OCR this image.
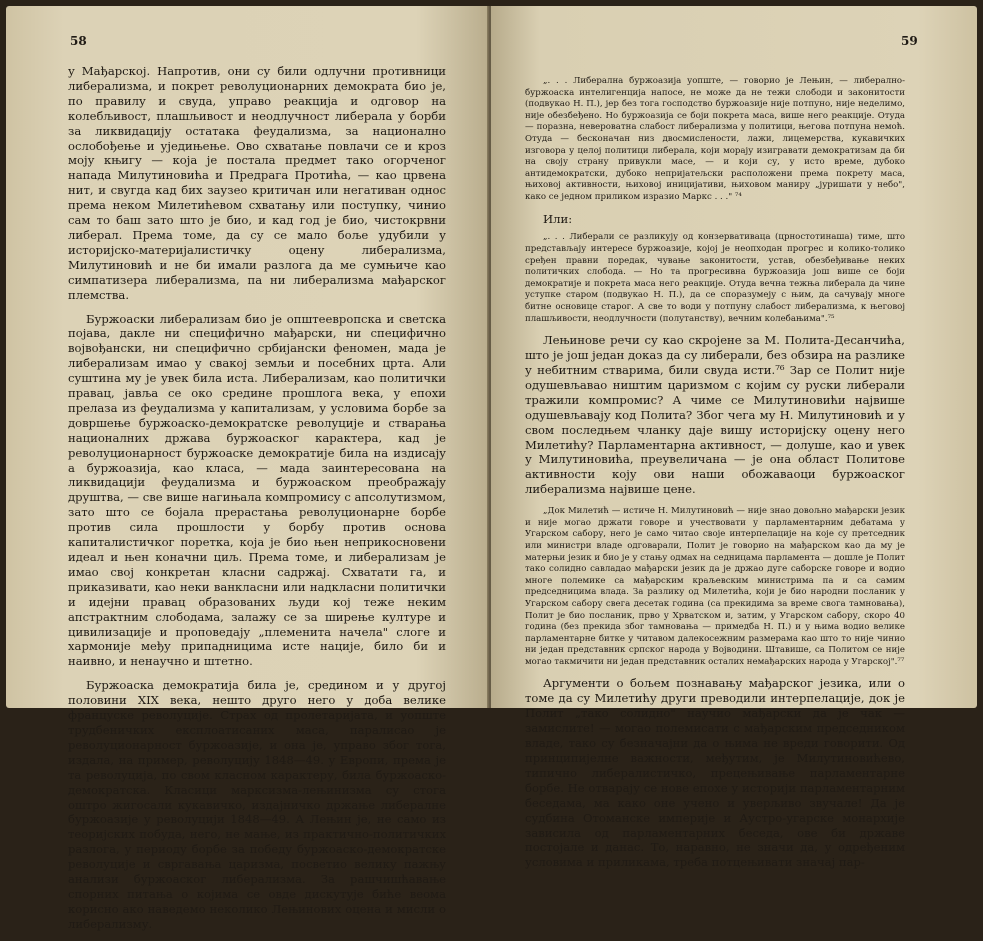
58

у Мађарској. Напротив, они су били одлучни противници либерализма, и покрет револуционарних демократа био је, по правилу и свуда, управо реакција и одговор на колебљивост, плашљивост и неодлучност либерала у борби за ликвидацију остатака феудализма, за национално ослобођење и уједињење. Ово схватање повлачи се и кроз моју књигу — која је постала предмет тако огорченог напада Милутиновића и Предрага Протића, — као црвена нит, и свугда кад бих заузео критичан или негативан однос према неком Милетићевом схватању или поступку, чинио сам то баш зато што је био, и кад год је био, чистокрвни либерал. Према томе, да су се мало боље удубили у историјско-материјалистичку оцену либерализма, Милутиновић и не би имали разлога да ме сумњиче као симпатизера либерализма, па ни либерализма мађарског племства.

Буржоаски либерализам био је општеевропска и светска појава, дакле ни специфично мађарски, ни специфично војвођански, ни специфично србијански феномен, мада је либерализам имао у свакој земљи и посебних црта. Али суштина му је увек била иста. Либерализам, као политички правац, јавља се око средине прошлога века, у епохи прелаза из феудализма у капитализам, у условима борбе за довршење буржоаско-демократске револуције и стварања националних држава буржоаског карактера, кад је револуционарност буржоаске демократије била на издисају а буржоазија, као класа, — мада заинтересована на ликвидацији феудализма и буржоаском преображају друштва, — све више нагињала компромису с апсолутизмом, зато што се бојала прерастања револуционарне борбе против сила прошлости у борбу против основа капиталистичког поретка, која је био њен неприкосновени идеал и њен коначни циљ. Према томе, и либерализам је имао свој конкретан класни садржај. Схватати га, и приказивати, као неки ванкласни или надкласни политички и идејни правац образованих људи кој теже неким апстрактним слободама, залажу се за ширење културе и цивилизације и проповедају „племенита начела" слоге и хармоније међу припадницима исте нације, било би и наивно, и ненаучно и штетно.

Буржоаска демократија била је, средином и у другој половини XIX века, нешто друго него у доба велике француске револуције. Страх од пролетаријата, и уопште трудбеничких експлоатисаних маса, паралисао је револуционарност буржоазије, и она је, управо због тога, издала, на пример, револуцију 1848—49. у Европи, према је та револуција, по свом класном карактеру, била буржоаско-демократска. Класици марксизма-лењинизма су стога оштро жигосали кукавичко, издајничко држање либералне буржоазије у револуцији 1848—49. А Лењин је, не само из теоријских побуда, него, не мање, из практично-политичких разлога, у периоду борбе за победу буржоаско-демократске револуције и свргавања царизма, посветио велику пажњу анализи буржоаског либерализма. За рашчишћавање спорних питања о којима се овде дискутује биће веома корисно ако наведемо неколико Лењинових оцена и мисли о либерализму.

59

„. . . Либерална буржоазија уопште, — говорио је Лењин, — либерално-буржоаска интелигенција напосе, не може да не тежи слободи и законитости (подвукао Н. П.), јер без тога господство буржоазије није потпуно, није неделимо, није обезбеђено. Но буржоазија се боји покрета маса, више него реакције. Отуда — поразна, невероватна слабост либерализма у политици, његова потпуна немоћ. Отуда — бесконачан низ двосмислености, лажи, лицемерства, кукавичких изговора у целој политици либерала, који морају изигравати демократизам да би на своју страну привукли масе, — и који су, у исто време, дубоко антидемократски, дубоко непријатељски расположени према покрету маса, њиховој активности, њиховој иницијативи, њиховом маниру „јуришати у небо", како се једном приликом изразио Маркс . . ." ⁷⁴

Или:

„. . . Либерали се разликују од конзервативаца (црностотинаша) тиме, што представљају интересе буржоазије, којој је неопходан прогрес и колико-толико сређен правни поредак, чување законитости, устав, обезбеђивање неких политичких слобода. — Но та прогресивна буржоазија још више се боји демократије и покрета маса него реакције. Отуда вечна тежња либерала да чине уступке старом (подвукао Н. П.), да се споразумеју с њим, да сачувају многе битне основице старог. А све то води у потпуну слабост либерализма, к његовој плашљивости, неодлучности (полутанству), вечним колебањима".⁷⁵

Лењинове речи су као скројене за М. Полита-Десанчића, што је још један доказ да су либерали, без обзира на разлике у небитним стварима, били свуда исти.⁷⁶ Зар се Полит није одушевљавао ништим царизмом с којим су руски либерали тражили компромис? А чиме се Милутиновићи највише одушевљавају код Полита? Због чега му Н. Милутиновић и у свом последњем чланку даје вишу историјску оцену него Милетићу? Парламентарна активност, — долуше, као и увек у Милутиновића, преувеличана — је она област Политове активности коју ови наши обожаваоци буржоаског либерализма највише цене.

„Док Милетић — истиче Н. Милутиновић — није знао довољно мађарски језик и није могао држати говоре и учествовати у парламентарним дебатама у Угарском сабору, него је само читао своје интерпелације на које су претседник или министри владе одговарали, Полит је говорио на мађарском као да му је матерњи језик и био је у стању одмах на седницама парламента — дошле је Полит тако солидно савладао мађарски језик да је држао дуге саборске говоре и водио многе полемике са мађарским краљевским министрима па и са самим председницима влада. За разлику од Милетића, који је био народни посланик у Угарском сабору свега десетак година (са прекидима за време свога тамновања), Полит је био посланик, прво у Хрватском и, затим, у Угарском сабору, скоро 40 година (без прекида због тамновања — примедба Н. П.) и у њима водио велике парламентарне битке у читавом далекосежним размерама као што то није чинио ни један представник српског народа у Војводини. Штавише, са Политом се није могао такмичити ни један представник осталих немађарских народа у Угарској".⁷⁷

Аргументи о бољем познавању мађарског језика, или о томе да су Милетићу други преводили интерпелације, док је Полит „тако солидно" научио мађарски да је чак — замислите! — могао полемисати с мађарским председником владе, тако су безначајни да о њима не вреди говорити. Од принципијелне важности, међутим, је Милутиновићево, типично либералистичко, прецењивање парламентарне борбе. Не отварају се нове епохе у историји парламентарним беседама, ма како оне учено и уверљиво звучале! Да је судбина Отоманске империје и Аустро-угарске монархије зависила од парламентарних беседа, ове би државе постојале и данас. То, наравно, не значи да, у одређеним условима и приликама, треба потцењивати значај пар-
